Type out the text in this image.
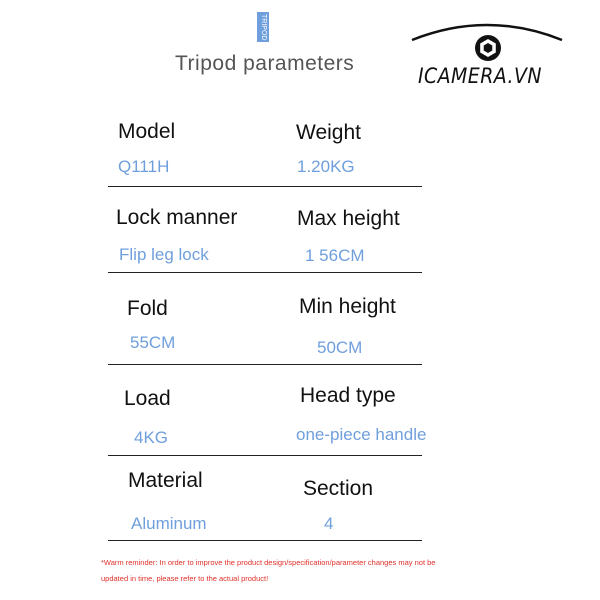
TRIPOD
Tripod parameters
ICAMERA.VN
Model	Weight
Q111H	1.20KG
Lock manner	Max height
Flip leg lock	1 56CM
Fold	Min height
55CM	50CM
Load	Head type
4KG	one-piece handle
Material	Section
Aluminum	4
*Warm reminder: In order to improve the product design/specification/parameter changes may not be updated in time, please refer to the actual product!
